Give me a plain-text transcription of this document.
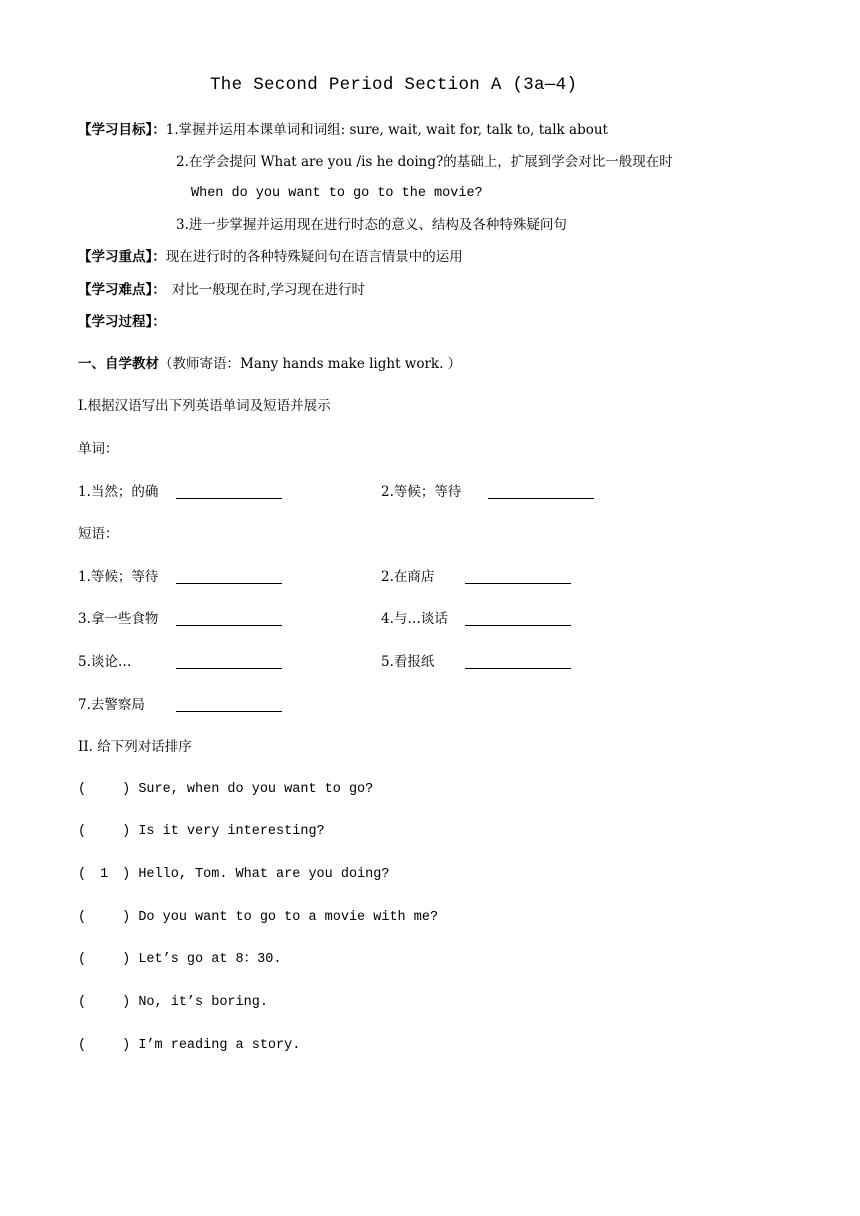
The Second Period Section A (3a—4)
【学习目标】：1.掌握并运用本课单词和词组: sure, wait, wait for, talk to, talk about
2.在学会提问 What are you /is he doing?的基础上，扩展到学会对比一般现在时
When do you want to go to the movie?
3.进一步掌握并运用现在进行时态的意义、结构及各种特殊疑问句
【学习重点】：现在进行时的各种特殊疑问句在语言情景中的运用
【学习难点】： 对比一般现在时,学习现在进行时
【学习过程】：
一、自学教材（教师寄语：Many hands make light work. ）
I.根据汉语写出下列英语单词及短语并展示
单词：
1.当然；的确	2.等候；等待
短语：
1.等候；等待	2.在商店
3.拿一些食物	4.与…谈话
5.谈论…	5.看报纸
7.去警察局
II. 给下列对话排序
(	) Sure, when do you want to go?
(	) Is it very interesting?
( 1 ) Hello, Tom. What are you doing?
(	) Do you want to go to a movie with me?
(	) Let’s go at 8：30.
(	) No, it’s boring.
(	) I’m reading a story.
